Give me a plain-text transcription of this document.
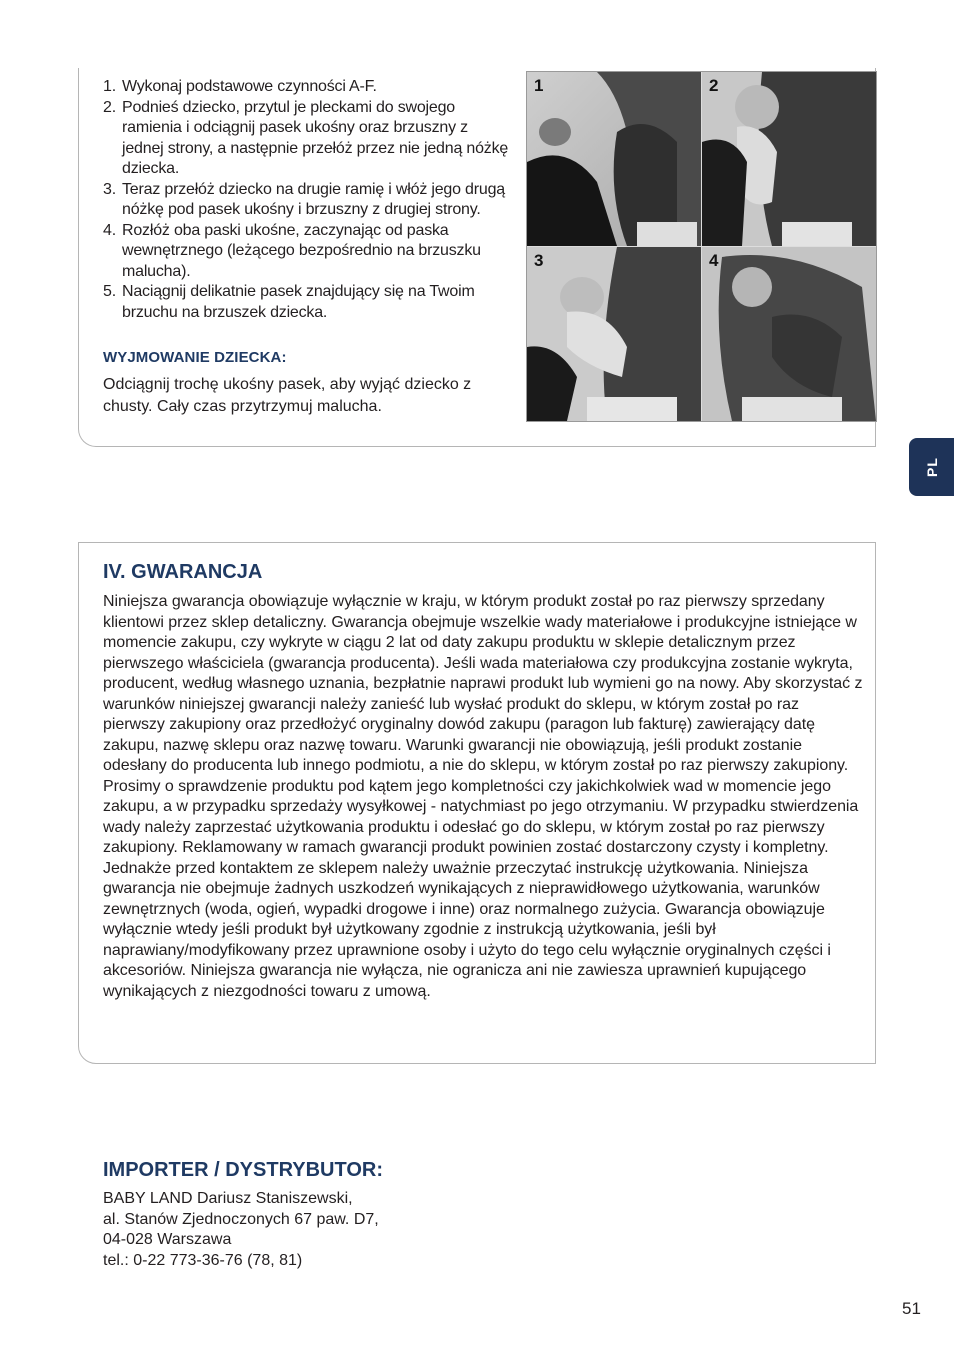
1. Wykonaj podstawowe czynności A-F.
2. Podnieś dziecko, przytul je pleckami do swojego ramienia i odciągnij pasek ukośny oraz brzuszny z jednej strony, a następnie przełóż przez nie jedną nóżkę dziecka.
3. Teraz przełóż dziecko na drugie ramię i włóż jego drugą nóżkę pod pasek ukośny i brzuszny z drugiej strony.
4. Rozłóż oba paski ukośne, zaczynając od paska wewnętrznego (leżącego bezpośrednio na brzuszku malucha).
5. Naciągnij delikatnie pasek znajdujący się na Twoim brzuchu na brzuszek dziecka.
WYJMOWANIE DZIECKA:
Odciągnij trochę ukośny pasek, aby wyjąć dziecko z chusty. Cały czas przytrzymuj malucha.
1	2
3	4
PL
IV. GWARANCJA
Niniejsza gwarancja obowiązuje wyłącznie w kraju, w którym produkt został po raz pierwszy sprzedany klientowi przez sklep detaliczny. Gwarancja obejmuje wszelkie wady materiałowe i produkcyjne istniejące w momencie zakupu, czy wykryte w ciągu 2 lat od daty zakupu produktu w sklepie detalicznym przez pierwszego właściciela (gwarancja producenta). Jeśli wada materiałowa czy produkcyjna zostanie wykryta, producent, według własnego uznania, bezpłatnie naprawi produkt lub wymieni go na nowy. Aby skorzystać z warunków niniejszej gwarancji należy zanieść lub wysłać produkt do sklepu, w którym został po raz pierwszy zakupiony oraz przedłożyć oryginalny dowód zakupu (paragon lub fakturę) zawierający datę zakupu, nazwę sklepu oraz nazwę towaru. Warunki gwarancji nie obowiązują, jeśli produkt zostanie odesłany do producenta lub innego podmiotu, a nie do sklepu, w którym został po raz pierwszy zakupiony. Prosimy o sprawdzenie produktu pod kątem jego kompletności czy jakichkolwiek wad w momencie jego zakupu, a w przypadku sprzedaży wysyłkowej - natychmiast po jego otrzymaniu. W przypadku stwierdzenia wady należy zaprzestać użytkowania produktu i odesłać go do sklepu, w którym został po raz pierwszy zakupiony. Reklamowany w ramach gwarancji produkt powinien zostać dostarczony czysty i kompletny. Jednakże przed kontaktem ze sklepem należy uważnie przeczytać instrukcję użytkowania. Niniejsza gwarancja nie obejmuje żadnych uszkodzeń wynikających z nieprawidłowego użytkowania, warunków zewnętrznych (woda, ogień, wypadki drogowe i inne) oraz normalnego zużycia. Gwarancja obowiązuje wyłącznie wtedy jeśli produkt był użytkowany zgodnie z instrukcją użytkowania, jeśli był naprawiany/modyfikowany przez uprawnione osoby i użyto do tego celu wyłącznie oryginalnych części i akcesoriów. Niniejsza gwarancja nie wyłącza, nie ogranicza ani nie zawiesza uprawnień kupującego wynikających z niezgodności towaru z umową.
IMPORTER / DYSTRYBUTOR:
BABY LAND Dariusz Staniszewski,
al. Stanów Zjednoczonych 67 paw. D7,
04-028 Warszawa
tel.: 0-22 773-36-76 (78, 81)
51
